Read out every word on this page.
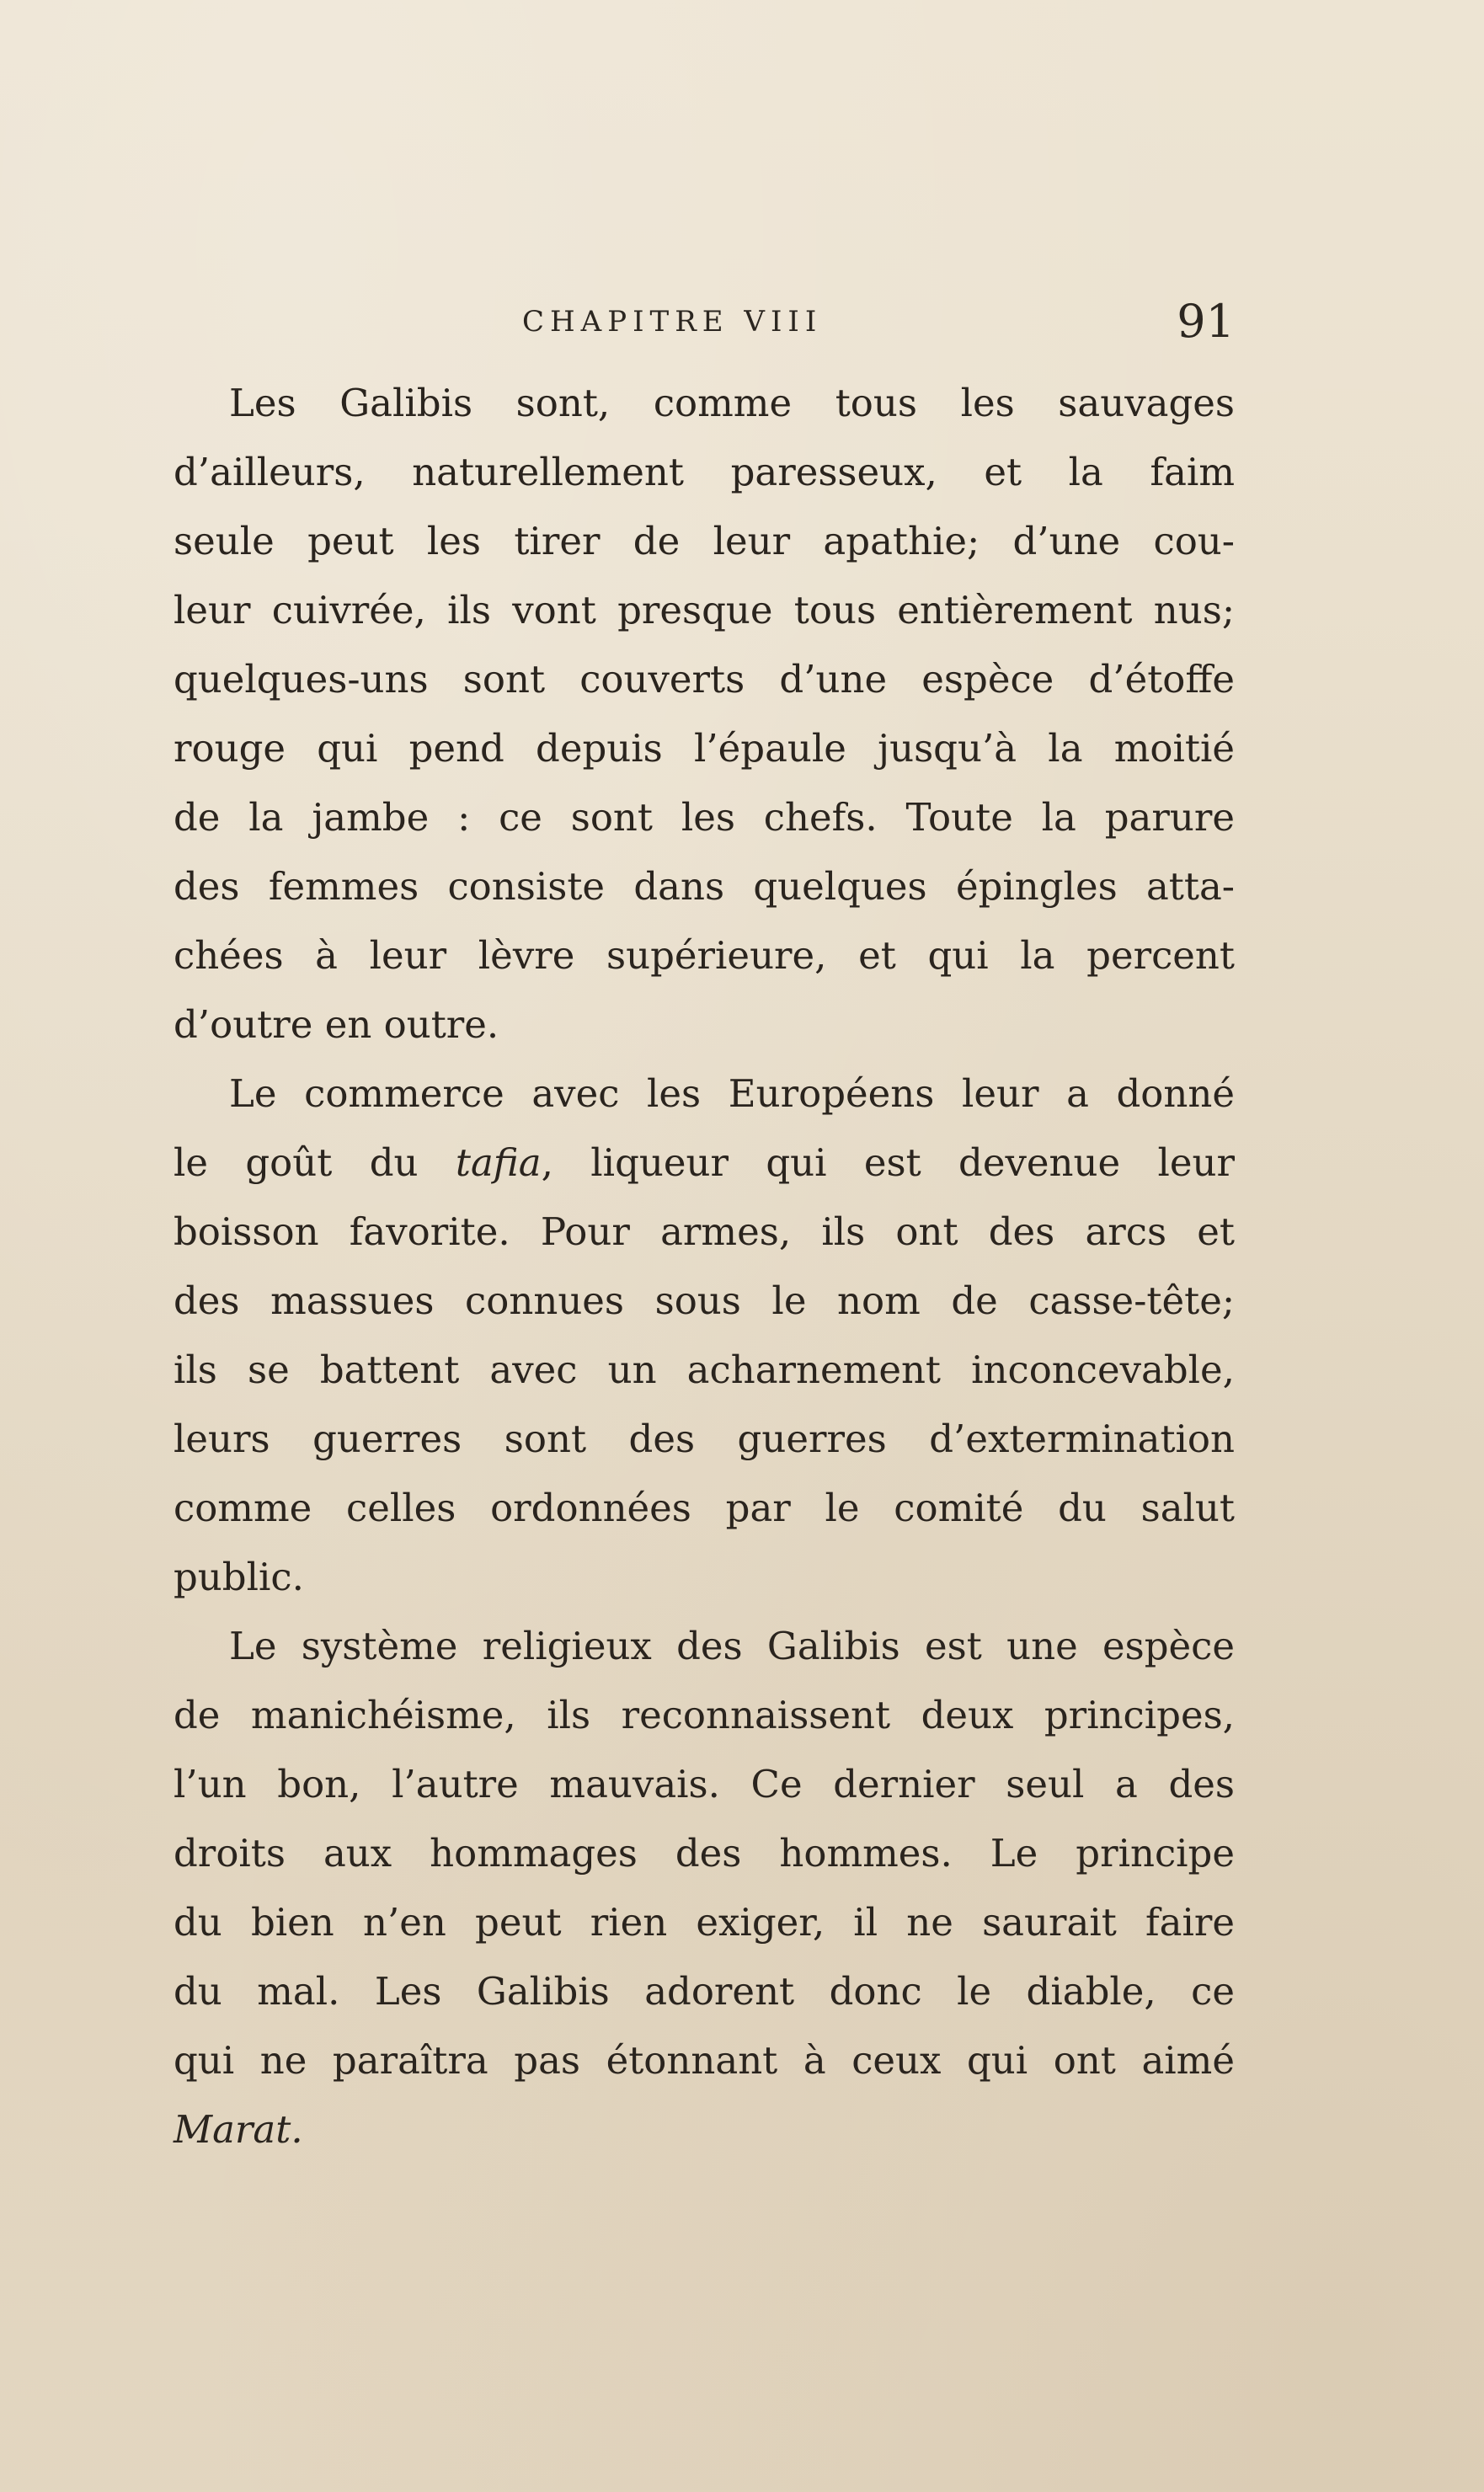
CHAPITRE VIII	91

Les Galibis sont, comme tous les sauvages
d’ailleurs, naturellement paresseux, et la faim
seule peut les tirer de leur apathie; d’une cou-
leur cuivrée, ils vont presque tous entièrement nus;
quelques-uns sont couverts d’une espèce d’étoffe
rouge qui pend depuis l’épaule jusqu’à la moitié
de la jambe : ce sont les chefs. Toute la parure
des femmes consiste dans quelques épingles atta-
chées à leur lèvre supérieure, et qui la percent
d’outre en outre.

Le commerce avec les Européens leur a donné
le goût du tafia, liqueur qui est devenue leur
boisson favorite. Pour armes, ils ont des arcs et
des massues connues sous le nom de casse-tête;
ils se battent avec un acharnement inconcevable,
leurs guerres sont des guerres d’extermination
comme celles ordonnées par le comité du salut
public.

Le système religieux des Galibis est une espèce
de manichéisme, ils reconnaissent deux principes,
l’un bon, l’autre mauvais. Ce dernier seul a des
droits aux hommages des hommes. Le principe
du bien n’en peut rien exiger, il ne saurait faire
du mal. Les Galibis adorent donc le diable, ce
qui ne paraîtra pas étonnant à ceux qui ont aimé
Marat.
